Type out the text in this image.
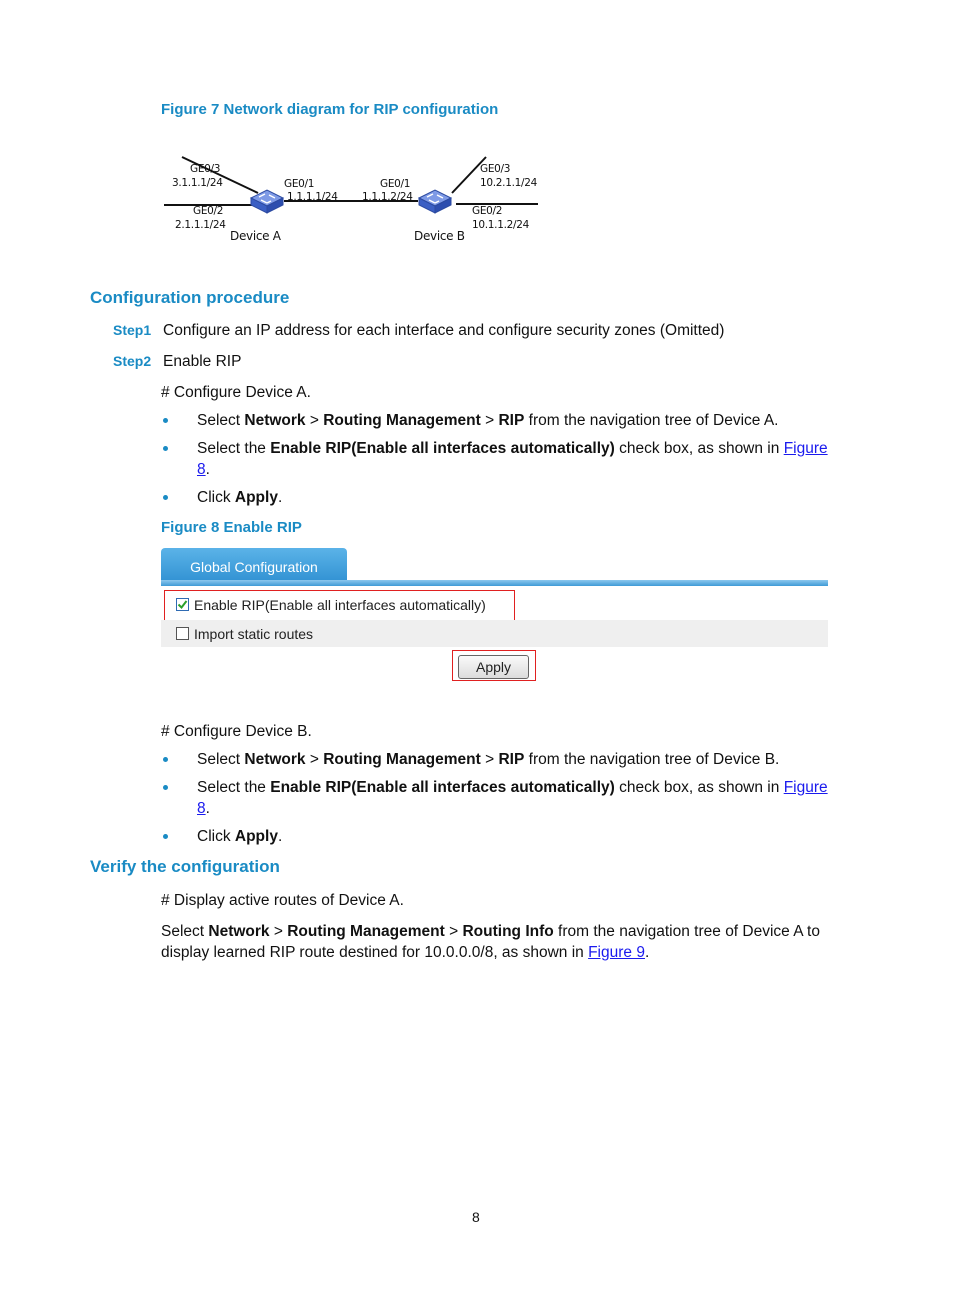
Figure 7 Network diagram for RIP configuration
GE0/3
3.1.1.1/24
GE0/2
2.1.1.1/24
GE0/1
1.1.1.1/24
Device A
GE0/1
1.1.1.2/24
GE0/3
10.2.1.1/24
GE0/2
10.1.1.2/24
Device B
Configuration procedure
Step1 Configure an IP address for each interface and configure security zones (Omitted)
Step2 Enable RIP
# Configure Device A.
Select Network > Routing Management > RIP from the navigation tree of Device A.
Select the Enable RIP(Enable all interfaces automatically) check box, as shown in Figure
8.
Click Apply.
Figure 8 Enable RIP
Global Configuration
Enable RIP(Enable all interfaces automatically)
Import static routes
Apply
# Configure Device B.
Select Network > Routing Management > RIP from the navigation tree of Device B.
Select the Enable RIP(Enable all interfaces automatically) check box, as shown in Figure
8.
Click Apply.
Verify the configuration
# Display active routes of Device A.
Select Network > Routing Management > Routing Info from the navigation tree of Device A to
display learned RIP route destined for 10.0.0.0/8, as shown in Figure 9.
8
